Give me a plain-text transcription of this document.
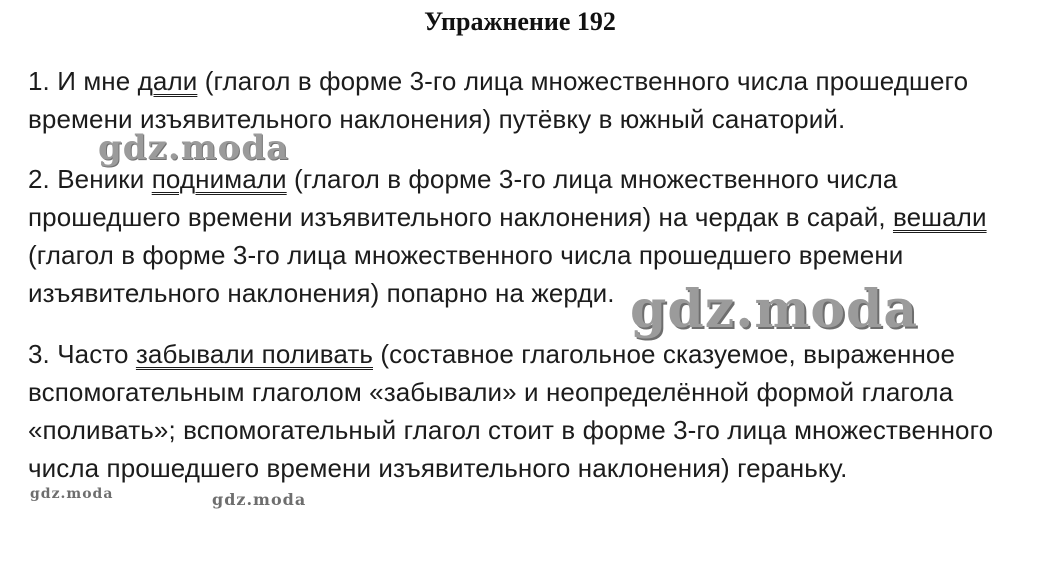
Упражнение 192
1. И мне дали (глагол в форме 3-го лица множественного числа прошедшего времени изъявительного наклонения) путёвку в южный санаторий.
2. Веники поднимали (глагол в форме 3-го лица множественного числа прошедшего времени изъявительного наклонения) на чердак в сарай, вешали (глагол в форме 3-го лица множественного числа прошедшего времени изъявительного наклонения) попарно на жерди.
3. Часто забывали поливать (составное глагольное сказуемое, выраженное вспомогательным глаголом «забывали» и неопределённой формой глагола «поливать»; вспомогательный глагол стоит в форме 3-го лица множественного числа прошедшего времени изъявительного наклонения) гераньку.
gdz.moda
gdz.moda
gdz.moda	gdz.moda
